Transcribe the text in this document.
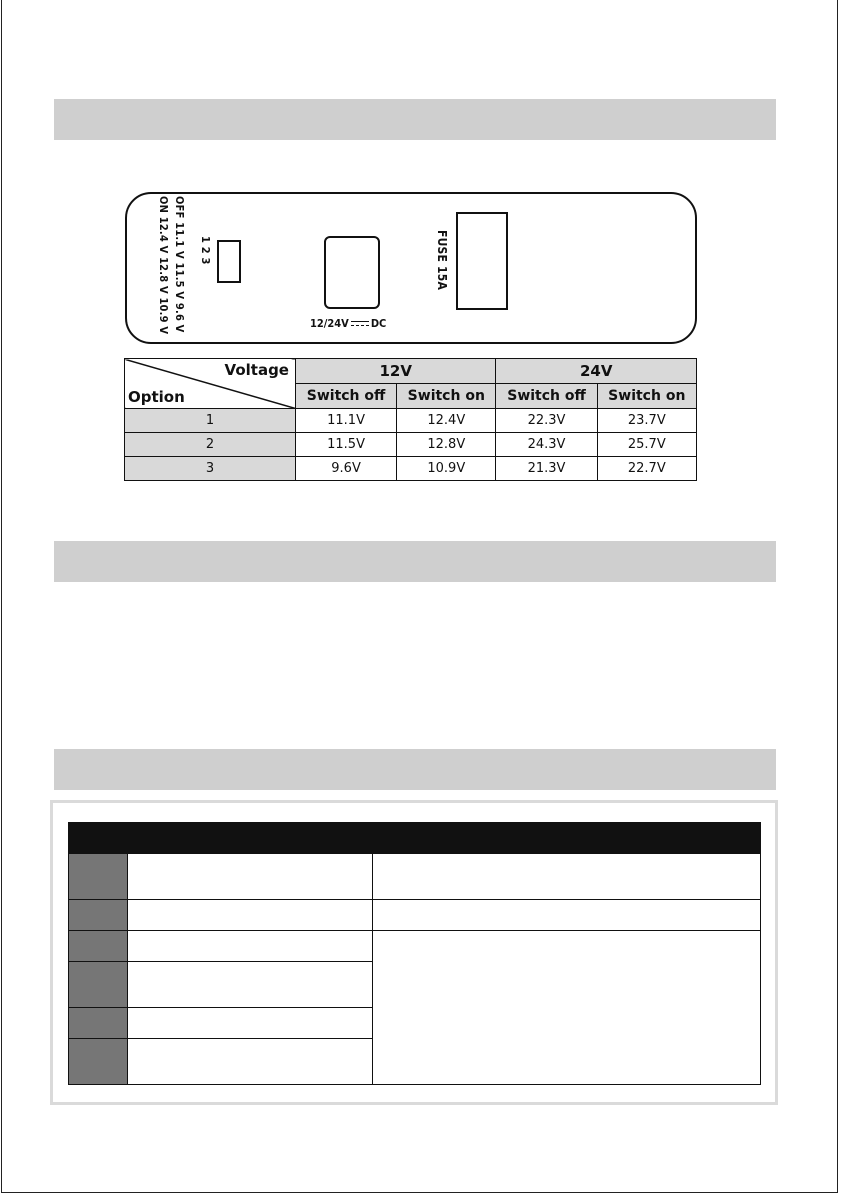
OFF 11.1 V 11.5 V 9.6 V
ON 12.4 V 12.8 V 10.9 V	1 2 3
12/24V DC
FUSE 15A
Voltage
Option	12V		24V	
	Switch off	Switch on	Switch off	Switch on
1	11.1V	12.4V	22.3V	23.7V
2	11.5V	12.8V	24.3V	25.7V
3	9.6V	10.9V	21.3V	22.7V
